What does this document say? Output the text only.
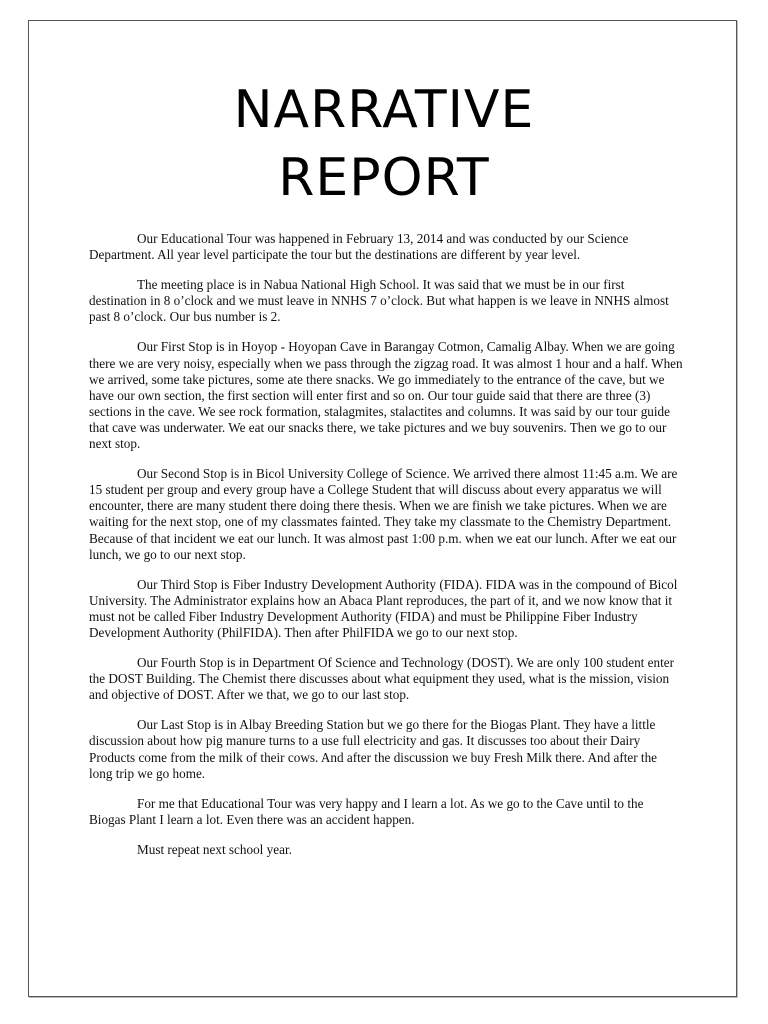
NARRATIVE
REPORT

Our Educational Tour was happened in February 13, 2014 and was conducted by our Science Department. All year level participate the tour but the destinations are different by year level.

The meeting place is in Nabua National High School. It was said that we must be in our first destination in 8 o’clock and we must leave in NNHS 7 o’clock. But what happen is we leave in NNHS almost past 8 o’clock. Our bus number is 2.

Our First Stop is in Hoyop - Hoyopan Cave in Barangay Cotmon, Camalig Albay. When we are going there we are very noisy, especially when we pass through the zigzag road. It was almost 1 hour and a half. When we arrived, some take pictures, some ate there snacks. We go immediately to the entrance of the cave, but we have our own section, the first section will enter first and so on. Our tour guide said that there are three (3) sections in the cave. We see rock formation, stalagmites, stalactites and columns. It was said by our tour guide that cave was underwater. We eat our snacks there, we take pictures and we buy souvenirs. Then we go to our next stop.

Our Second Stop is in Bicol University College of Science. We arrived there almost 11:45 a.m. We are 15 student per group and every group have a College Student that will discuss about every apparatus we will encounter, there are many student there doing there thesis. When we are finish we take pictures. When we are waiting for the next stop, one of my classmates fainted. They take my classmate to the Chemistry Department. Because of that incident we eat our lunch. It was almost past 1:00 p.m. when we eat our lunch. After we eat our lunch, we go to our next stop.

Our Third Stop is Fiber Industry Development Authority (FIDA). FIDA was in the compound of Bicol University. The Administrator explains how an Abaca Plant reproduces, the part of it, and we now know that it must not be called Fiber Industry Development Authority (FIDA) and must be Philippine Fiber Industry Development Authority (PhilFIDA). Then after PhilFIDA we go to our next stop.

Our Fourth Stop is in Department Of Science and Technology (DOST). We are only 100 student enter the DOST Building. The Chemist there discusses about what equipment they used, what is the mission, vision and objective of DOST. After we that, we go to our last stop.

Our Last Stop is in Albay Breeding Station but we go there for the Biogas Plant. They have a little discussion about how pig manure turns to a use full electricity and gas. It discusses too about their Dairy Products come from the milk of their cows. And after the discussion we buy Fresh Milk there. And after the long trip we go home.

For me that Educational Tour was very happy and I learn a lot. As we go to the Cave until to the Biogas Plant I learn a lot. Even there was an accident happen.

Must repeat next school year.
